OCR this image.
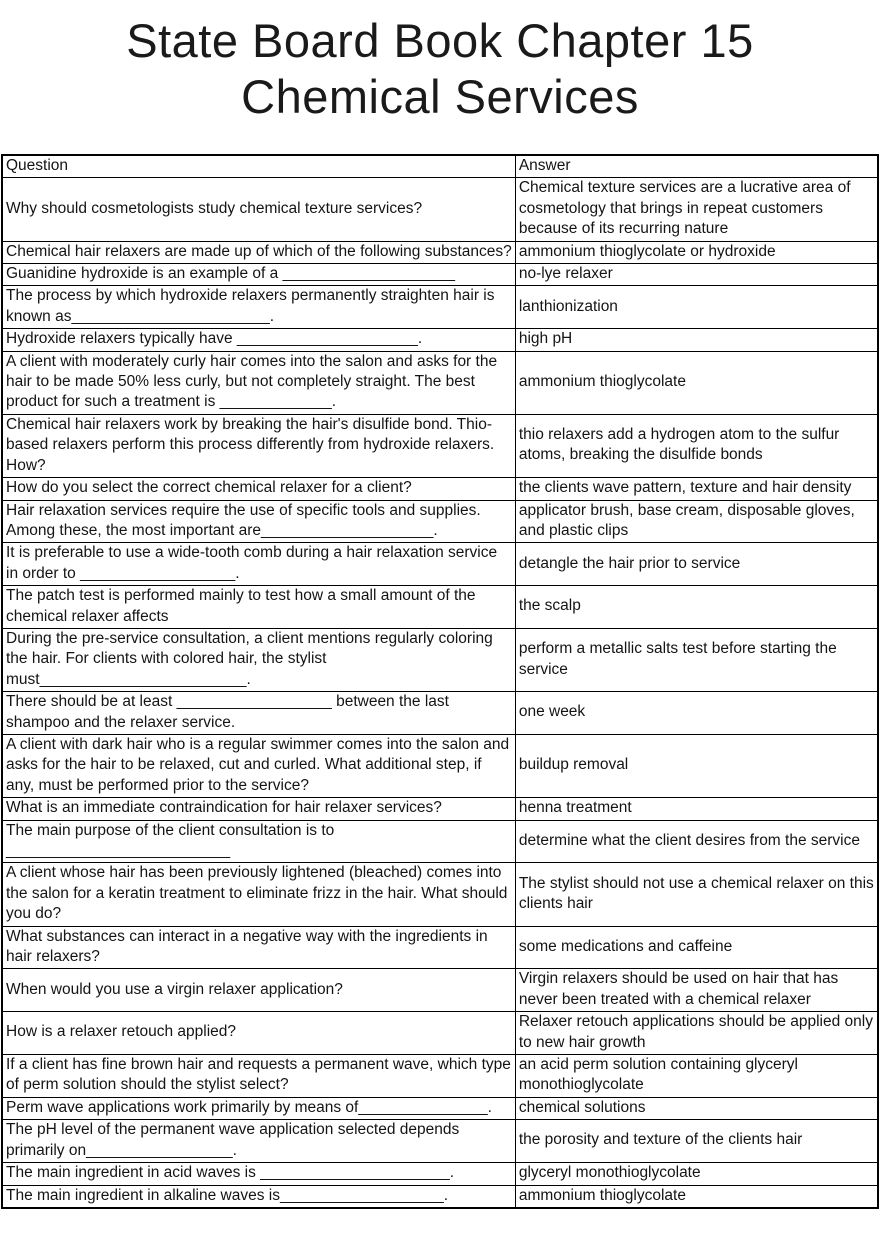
State Board Book Chapter 15
Chemical Services
Question	Answer
Why should cosmetologists study chemical texture services?	Chemical texture services are a lucrative area of cosmetology that brings in repeat customers because of its recurring nature
Chemical hair relaxers are made up of which of the following substances?	ammonium thioglycolate or hydroxide
Guanidine hydroxide is an example of a ____________________	no-lye relaxer
The process by which hydroxide relaxers permanently straighten hair is known as_______________________.	lanthionization
Hydroxide relaxers typically have _____________________.	high pH
A client with moderately curly hair comes into the salon and asks for the hair to be made 50% less curly, but not completely straight. The best product for such a treatment is _____________.	ammonium thioglycolate
Chemical hair relaxers work by breaking the hair's disulfide bond. Thio-based relaxers perform this process differently from hydroxide relaxers. How?	thio relaxers add a hydrogen atom to the sulfur atoms, breaking the disulfide bonds
How do you select the correct chemical relaxer for a client?	the clients wave pattern, texture and hair density
Hair relaxation services require the use of specific tools and supplies. Among these, the most important are____________________.	applicator brush, base cream, disposable gloves, and plastic clips
It is preferable to use a wide-tooth comb during a hair relaxation service in order to __________________.	detangle the hair prior to service
The patch test is performed mainly to test how a small amount of the chemical relaxer affects	the scalp
During the pre-service consultation, a client mentions regularly coloring the hair. For clients with colored hair, the stylist must________________________.	perform a metallic salts test before starting the service
There should be at least __________________ between the last shampoo and the relaxer service.	one week
A client with dark hair who is a regular swimmer comes into the salon and asks for the hair to be relaxed, cut and curled. What additional step, if any, must be performed prior to the service?	buildup removal
What is an immediate contraindication for hair relaxer services?	henna treatment
The main purpose of the client consultation is to __________________________	determine what the client desires from the service
A client whose hair has been previously lightened (bleached) comes into the salon for a keratin treatment to eliminate frizz in the hair. What should you do?	The stylist should not use a chemical relaxer on this clients hair
What substances can interact in a negative way with the ingredients in hair relaxers?	some medications and caffeine
When would you use a virgin relaxer application?	Virgin relaxers should be used on hair that has never been treated with a chemical relaxer
How is a relaxer retouch applied?	Relaxer retouch applications should be applied only to new hair growth
If a client has fine brown hair and requests a permanent wave, which type of perm solution should the stylist select?	an acid perm solution containing glyceryl monothioglycolate
Perm wave applications work primarily by means of_______________.	chemical solutions
The pH level of the permanent wave application selected depends primarily on_________________.	the porosity and texture of the clients hair
The main ingredient in acid waves is ______________________.	glyceryl monothioglycolate
The main ingredient in alkaline waves is___________________.	ammonium thioglycolate
